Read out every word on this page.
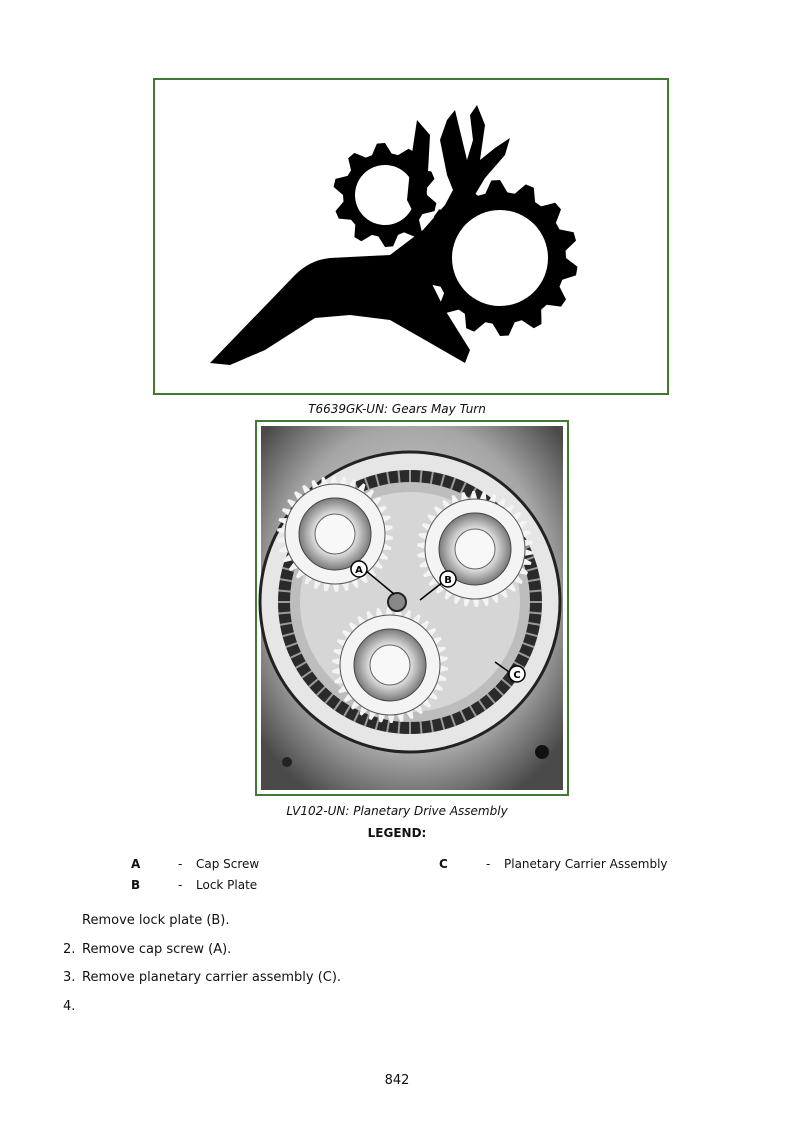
T6639GK-UN: Gears May Turn
A
B
C
LV102-UN: Planetary Drive Assembly
LEGEND:
A	- Cap Screw
B	- Lock Plate
C	- Planetary Carrier Assembly
Remove lock plate (B).
2. Remove cap screw (A).
3. Remove planetary carrier assembly (C).
4.
842
